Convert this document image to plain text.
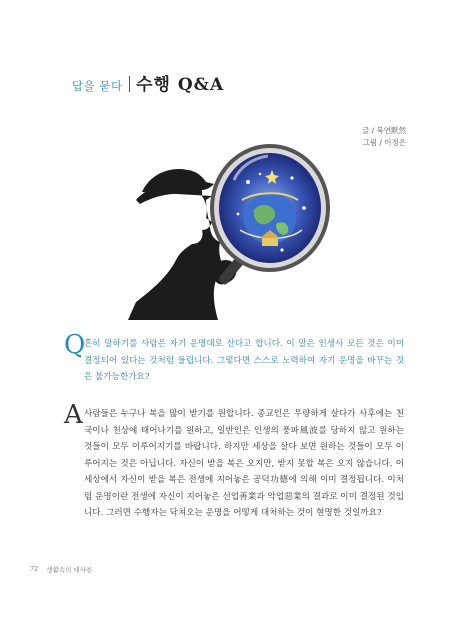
답을 묻다 수행 Q&A
글 / 묵연默然
그림 / 이정은
Q
흔히 말하기를 사람은 자기 운명대로 산다고 합니다. 이 말은 인생사 모든 것은 이미 결정되어 있다는 것처럼 들립니다. 그렇다면 스스로 노력하여 자기 운명을 바꾸는 것은 불가능한가요?
A 사람들은 누구나 복을 많이 받기를 원합니다. 종교인은 무량하게 살다가 사후에는 천국이나 천상에 태어나기를 원하고, 일반인은 인생의 풍파風波를 당하지 않고 원하는 것들이 모두 이루어지기를 바랍니다. 하지만 세상을 살다 보면 원하는 것들이 모두 이루어지는 것은 아닙니다. 자신이 받을 복은 오지만, 받지 못할 복은 오지 않습니다. 이 세상에서 자신이 받을 복은 전생에 지어놓은 공덕功德에 의해 이미 결정됩니다. 이처럼 운명이란 전생에 자신이 지어놓은 선업善業과 악업惡業의 결과로 이미 결정된 것입니다. 그러면 수행자는 닥쳐오는 운명을 어떻게 대처하는 것이 현명한 것일까요?
72 생활속의 대사용
